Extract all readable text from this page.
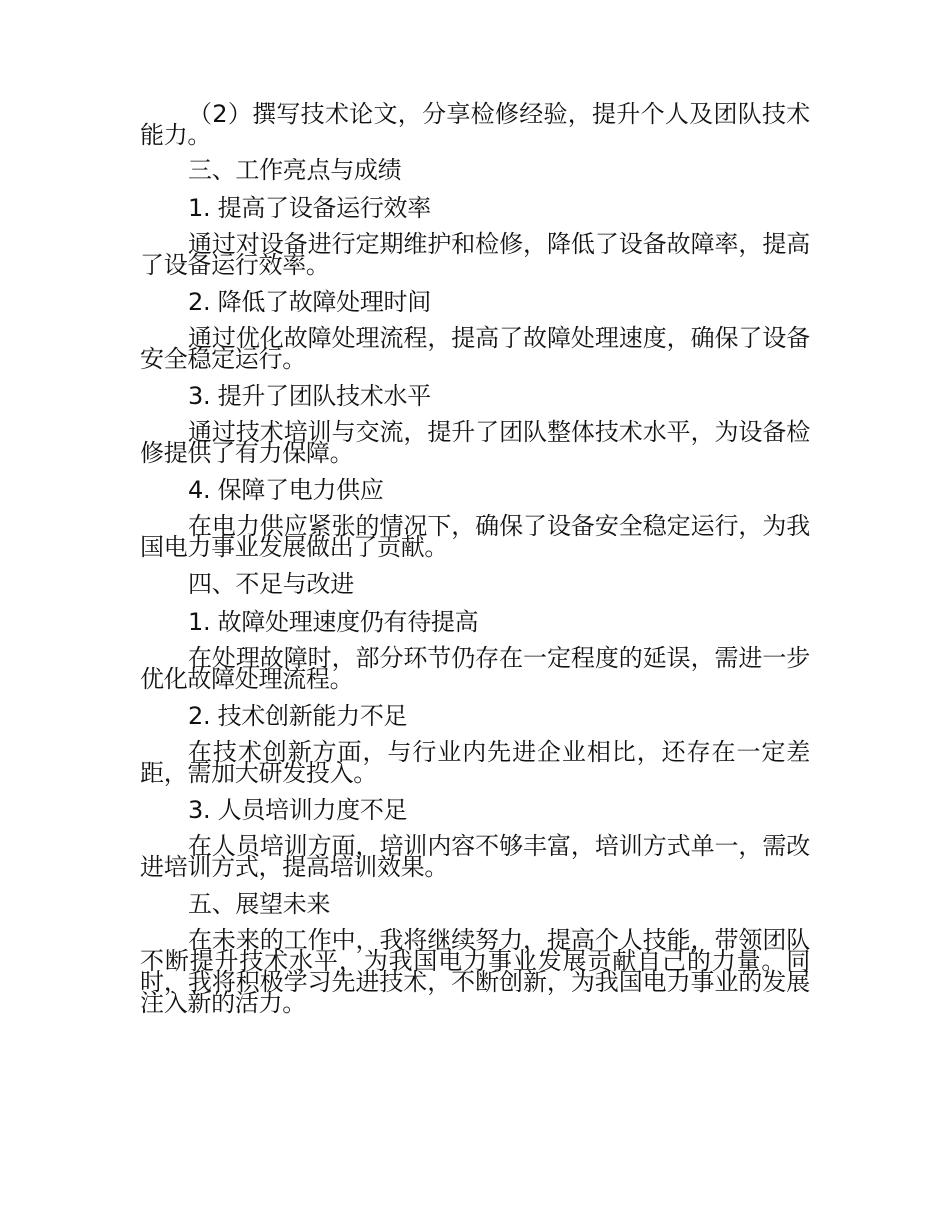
（2）撰写技术论文，分享检修经验，提升个人及团队技术能力。

三、工作亮点与成绩

1. 提高了设备运行效率

通过对设备进行定期维护和检修，降低了设备故障率，提高了设备运行效率。

2. 降低了故障处理时间

通过优化故障处理流程，提高了故障处理速度，确保了设备安全稳定运行。

3. 提升了团队技术水平

通过技术培训与交流，提升了团队整体技术水平，为设备检修提供了有力保障。

4. 保障了电力供应

在电力供应紧张的情况下，确保了设备安全稳定运行，为我国电力事业发展做出了贡献。

四、不足与改进

1. 故障处理速度仍有待提高

在处理故障时，部分环节仍存在一定程度的延误，需进一步优化故障处理流程。

2. 技术创新能力不足

在技术创新方面，与行业内先进企业相比，还存在一定差距，需加大研发投入。

3. 人员培训力度不足

在人员培训方面，培训内容不够丰富，培训方式单一，需改进培训方式，提高培训效果。

五、展望未来

在未来的工作中，我将继续努力，提高个人技能，带领团队不断提升技术水平，为我国电力事业发展贡献自己的力量。同时，我将积极学习先进技术，不断创新，为我国电力事业的发展注入新的活力。
